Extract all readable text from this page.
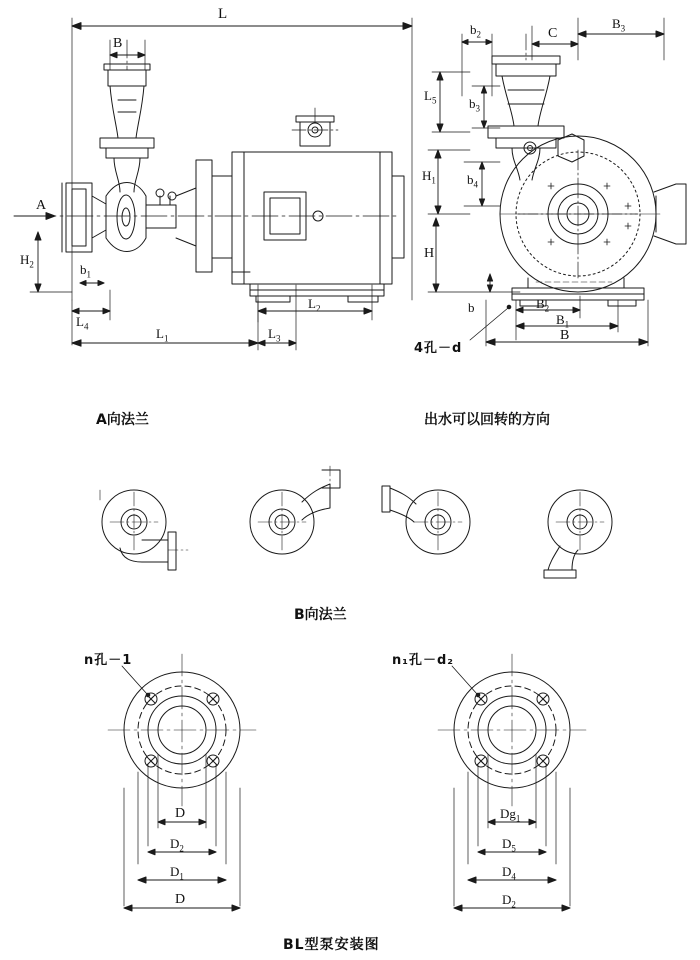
L
B
A
$H_2$	$b_1$
$L_4$	$L_1$
$L_2$
$L_3$
$b_2$	C
$B_3$
$L_5$	$b_3$
$H_1$ $b_4$
H
b	$B_2$
$B_1$
B
4孔－d
A向法兰	出水可以回转的方向
B向法兰
n孔－1
D
$D_2$
$D_1$
D
n₁孔－d₂
$Dg_1$
$D_5$
$D_4$
$D_2$
BL型泵安装图
